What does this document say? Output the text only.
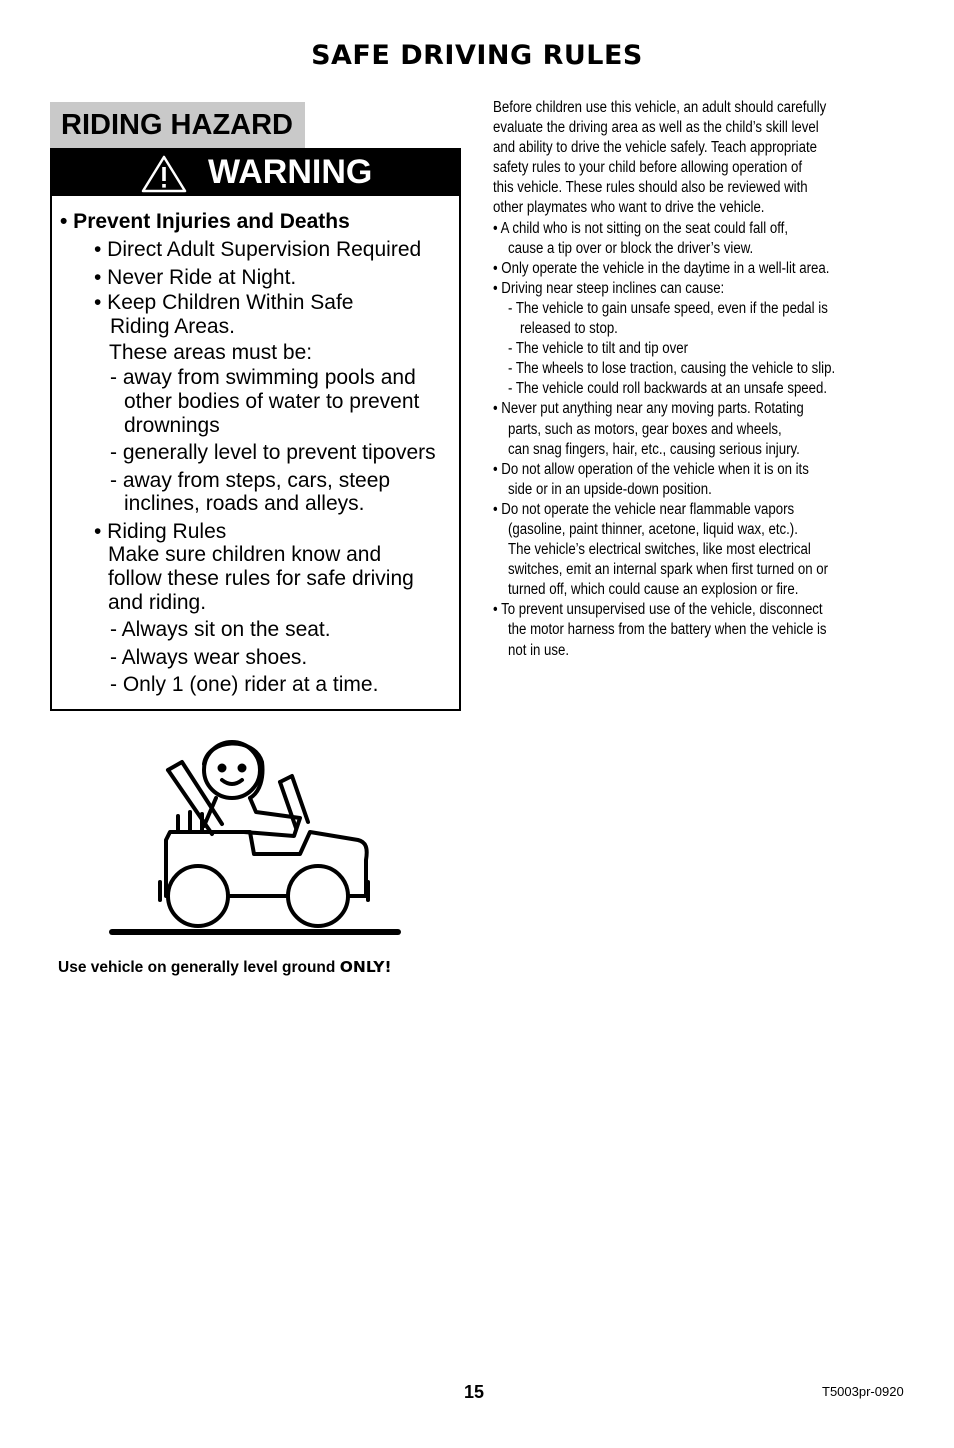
SAFE DRIVING RULES
RIDING HAZARD
WARNING
• Prevent Injuries and Deaths
• Direct Adult Supervision Required
• Never Ride at Night.
• Keep Children Within Safe
Riding Areas.
These areas must be:
- away from swimming pools and
other bodies of water to prevent
drownings
- generally level to prevent tipovers
- away from steps, cars, steep
inclines, roads and alleys.
• Riding Rules
Make sure children know and
follow these rules for safe driving
and riding.
- Always sit on the seat.
- Always wear shoes.
- Only 1 (one) rider at a time.
Before children use this vehicle, an adult should carefully
evaluate the driving area as well as the child’s skill level
and ability to drive the vehicle safely. Teach appropriate
safety rules to your child before allowing operation of
this vehicle. These rules should also be reviewed with
other playmates who want to drive the vehicle.
• A child who is not sitting on the seat could fall off,
cause a tip over or block the driver’s view.
• Only operate the vehicle in the daytime in a well-lit area.
• Driving near steep inclines can cause:
- The vehicle to gain unsafe speed, even if the pedal is
released to stop.
- The vehicle to tilt and tip over
- The wheels to lose traction, causing the vehicle to slip.
- The vehicle could roll backwards at an unsafe speed.
• Never put anything near any moving parts. Rotating
parts, such as motors, gear boxes and wheels,
can snag fingers, hair, etc., causing serious injury.
• Do not allow operation of the vehicle when it is on its
side or in an upside-down position.
• Do not operate the vehicle near flammable vapors
(gasoline, paint thinner, acetone, liquid wax, etc.).
The vehicle’s electrical switches, like most electrical
switches, emit an internal spark when first turned on or
turned off, which could cause an explosion or fire.
• To prevent unsupervised use of the vehicle, disconnect
the motor harness from the battery when the vehicle is
not in use.
Use vehicle on generally level ground ONLY!
15	T5003pr-0920
